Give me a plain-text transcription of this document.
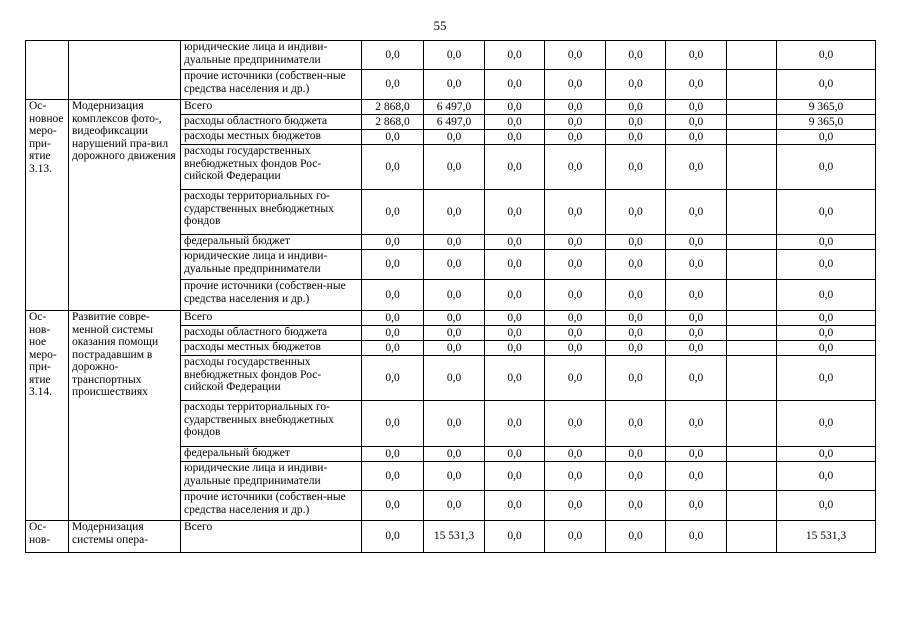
55
		юридические лица и индиви-дуальные предприниматели	0,0	0,0	0,0	0,0	0,0	0,0		0,0
		прочие источники (собствен-ные средства населения и др.)	0,0	0,0	0,0	0,0	0,0	0,0		0,0
Ос-новное меро-при-ятие 3.13.	Модернизация комплексов фото-, видеофиксации нарушений пра-вил дорожного движения	Всего	2 868,0	6 497,0	0,0	0,0	0,0	0,0		9 365,0
		расходы областного бюджета	2 868,0	6 497,0	0,0	0,0	0,0	0,0		9 365,0
		расходы местных бюджетов	0,0	0,0	0,0	0,0	0,0	0,0		0,0
		расходы государственных внебюджетных фондов Рос-сийской Федерации	0,0	0,0	0,0	0,0	0,0	0,0		0,0
		расходы территориальных го-сударственных внебюджетных фондов	0,0	0,0	0,0	0,0	0,0	0,0		0,0
		федеральный бюджет	0,0	0,0	0,0	0,0	0,0	0,0		0,0
		юридические лица и индиви-дуальные предприниматели	0,0	0,0	0,0	0,0	0,0	0,0		0,0
		прочие источники (собствен-ные средства населения и др.)	0,0	0,0	0,0	0,0	0,0	0,0		0,0
Ос-нов-ное меро-при-ятие 3.14.	Развитие совре-менной системы оказания помощи пострадавшим в дорожно-транспортных происшествиях	Всего	0,0	0,0	0,0	0,0	0,0	0,0		0,0
		расходы областного бюджета	0,0	0,0	0,0	0,0	0,0	0,0		0,0
		расходы местных бюджетов	0,0	0,0	0,0	0,0	0,0	0,0		0,0
		расходы государственных внебюджетных фондов Рос-сийской Федерации	0,0	0,0	0,0	0,0	0,0	0,0		0,0
		расходы территориальных го-сударственных внебюджетных фондов	0,0	0,0	0,0	0,0	0,0	0,0		0,0
		федеральный бюджет	0,0	0,0	0,0	0,0	0,0	0,0		0,0
		юридические лица и индиви-дуальные предприниматели	0,0	0,0	0,0	0,0	0,0	0,0		0,0
		прочие источники (собствен-ные средства населения и др.)	0,0	0,0	0,0	0,0	0,0	0,0		0,0
Ос-нов-	Модернизация системы опера-	Всего	0,0	15 531,3	0,0	0,0	0,0	0,0		15 531,3
